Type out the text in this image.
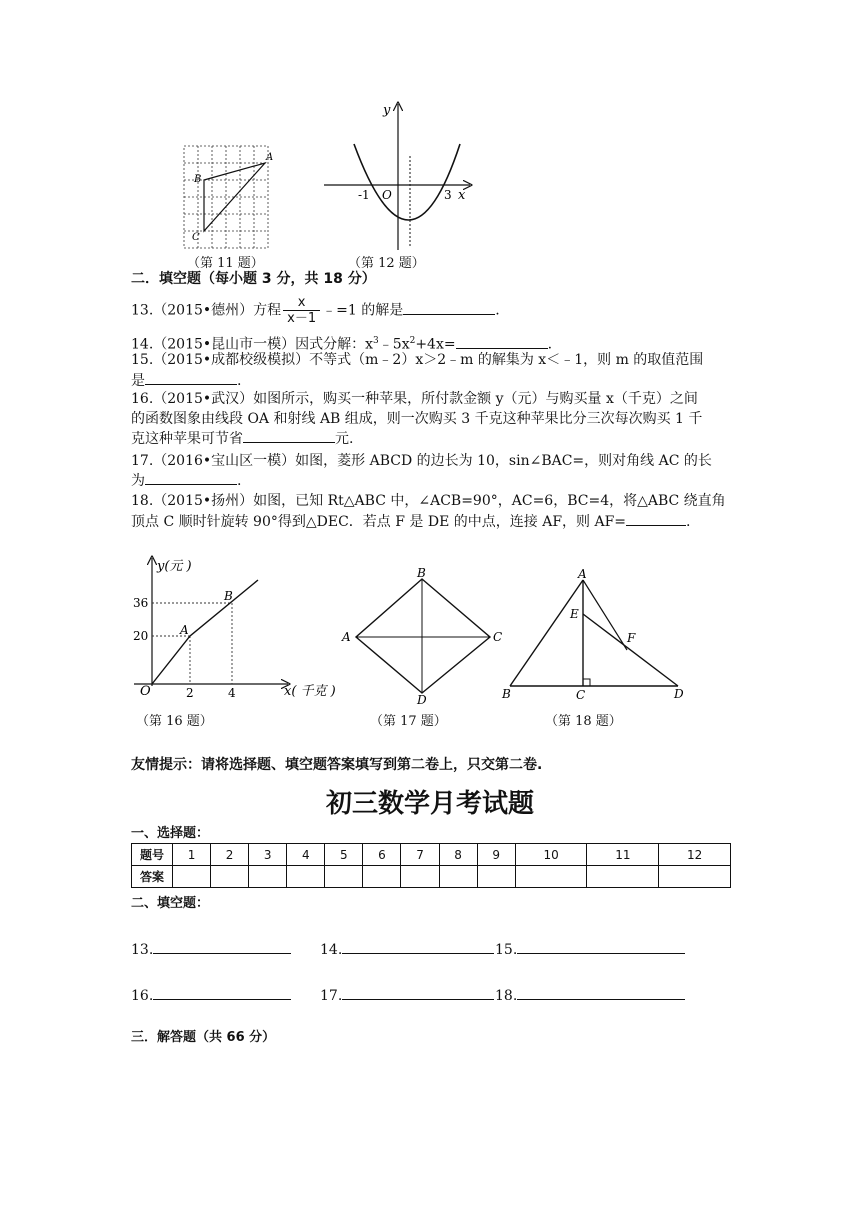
A
B
C
（第 11 题）
y
x
O
-1	3
（第 12 题）
二．填空题（每小题 3 分，共 18 分）
13.（2015•德州）方程 $\frac{x}{x-1}$ ﹣=1 的解是	.
14.（2015•昆山市一模）因式分解：$x^3﹣5x^2+4x=$	.
15.（2015•成都校级模拟）不等式（m﹣2）x＞2﹣m 的解集为 x＜﹣1，则 m 的取值范围
是	.
16.（2015•武汉）如图所示，购买一种苹果，所付款金额 y（元）与购买量 x（千克）之间
的函数图象由线段 OA 和射线 AB 组成，则一次购买 3 千克这种苹果比分三次每次购买 1 千
克这种苹果可节省	元.
17.（2016•宝山区一模）如图，菱形 ABCD 的边长为 10，sin∠BAC=，则对角线 AC 的长
为	.
18.（2015•扬州）如图，已知 Rt△ABC 中，∠ACB=90°，AC=6，BC=4，将△ABC 绕直角
顶点 C 顺时针旋转 90°得到△DEC．若点 F 是 DE 的中点，连接 AF，则 AF=	.
y(元 )
x( 千克 )
O
A
B
36
20
2	4
（第 16 题）
B
A	C
D
（第 17 题）
A
E
F
B	C	D
（第 18 题）
友情提示：请将选择题、填空题答案填写到第二卷上，只交第二卷.
初三数学月考试题
一、选择题：
题号	1	2	3	4	5	6	7	8	9	10	11	12
答案												
二、填空题：
13.	14.	15.
16.	17.	18.
三．解答题（共 66 分）
